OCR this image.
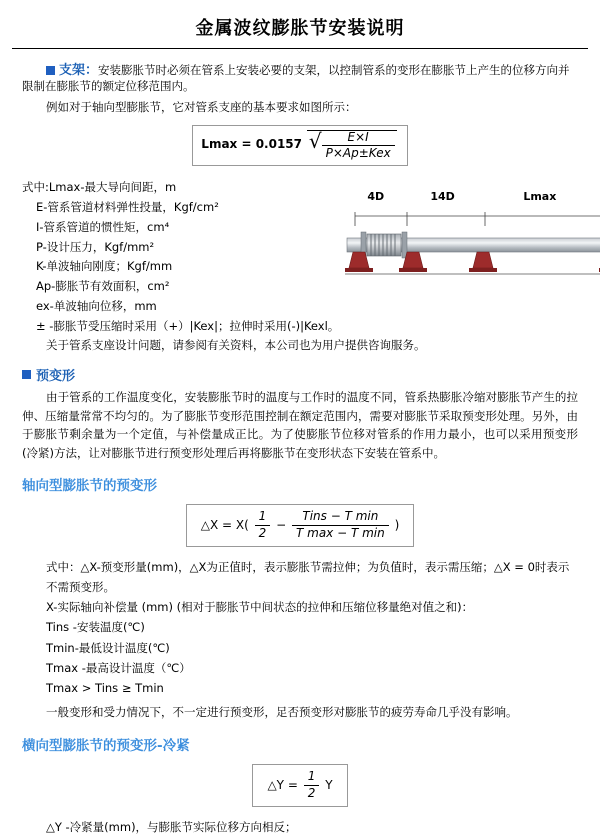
金属波纹膨胀节安装说明

支架：安装膨胀节时必须在管系上安装必要的支架，以控制管系的变形在膨胀节上产生的位移方向并限制在膨胀节的额定位移范围内。

例如对于轴向型膨胀节，它对管系支座的基本要求如图所示：

Lmax = 0.0157 √ $\frac{E\times I}{\text{P×Ap±Kex}}$
式中:Lmax-最大导向间距，m
E-管系管道材料弹性投量，Kgf/cm²
I-管系管道的惯性矩，cm⁴
P-设计压力，Kgf/mm²
K-单波轴向刚度；Kgf/mm
Ap-膨胀节有效面积，cm²
ex-单波轴向位移，mm
± -膨胀节受压缩时采用（+）|Kex|；拉伸时采用(-)|Kexl。
4D	14D	Lmax

关于管系支座设计问题，请参阅有关资料，本公司也为用户提供咨询服务。

预变形

由于管系的工作温度变化，安装膨胀节时的温度与工作时的温度不同，管系热膨胀冷缩对膨胀节产生的拉伸、压缩量常常不均匀的。为了膨胀节变形范围控制在额定范围内，需要对膨胀节采取预变形处理。另外，由于膨胀节剩余量为一个定值，与补偿量成正比。为了使膨胀节位移对管系的作用力最小，也可以采用预变形(冷紧)方法，让对膨胀节进行预变形处理后再将膨胀节在变形状态下安装在管系中。

轴向型膨胀节的预变形
△X = $X( \frac{1}{2} - \frac{\text{Tins − T min}}{\text{T max − T min}}$ )
式中：△X-预变形量(mm)，△X为正值时，表示膨胀节需拉伸；为负值时，表示需压缩；△X = 0时表示不需预变形。
X-实际轴向补偿量 (mm) (相对于膨胀节中间状态的拉伸和压缩位移量绝对值之和)：
Tins -安装温度(℃)
Tmin-最低设计温度(℃)
Tmax -最高设计温度（℃）
Tmax > Tins ≥ Tmin
一般变形和受力情况下，不一定进行预变形，足否预变形对膨胀节的疲劳寿命几乎没有影响。
横向型膨胀节的预变形-冷紧
△Y = $\frac{1}{2}$ Y
△Y -冷紧量(mm)，与膨胀节实际位移方向相反；
